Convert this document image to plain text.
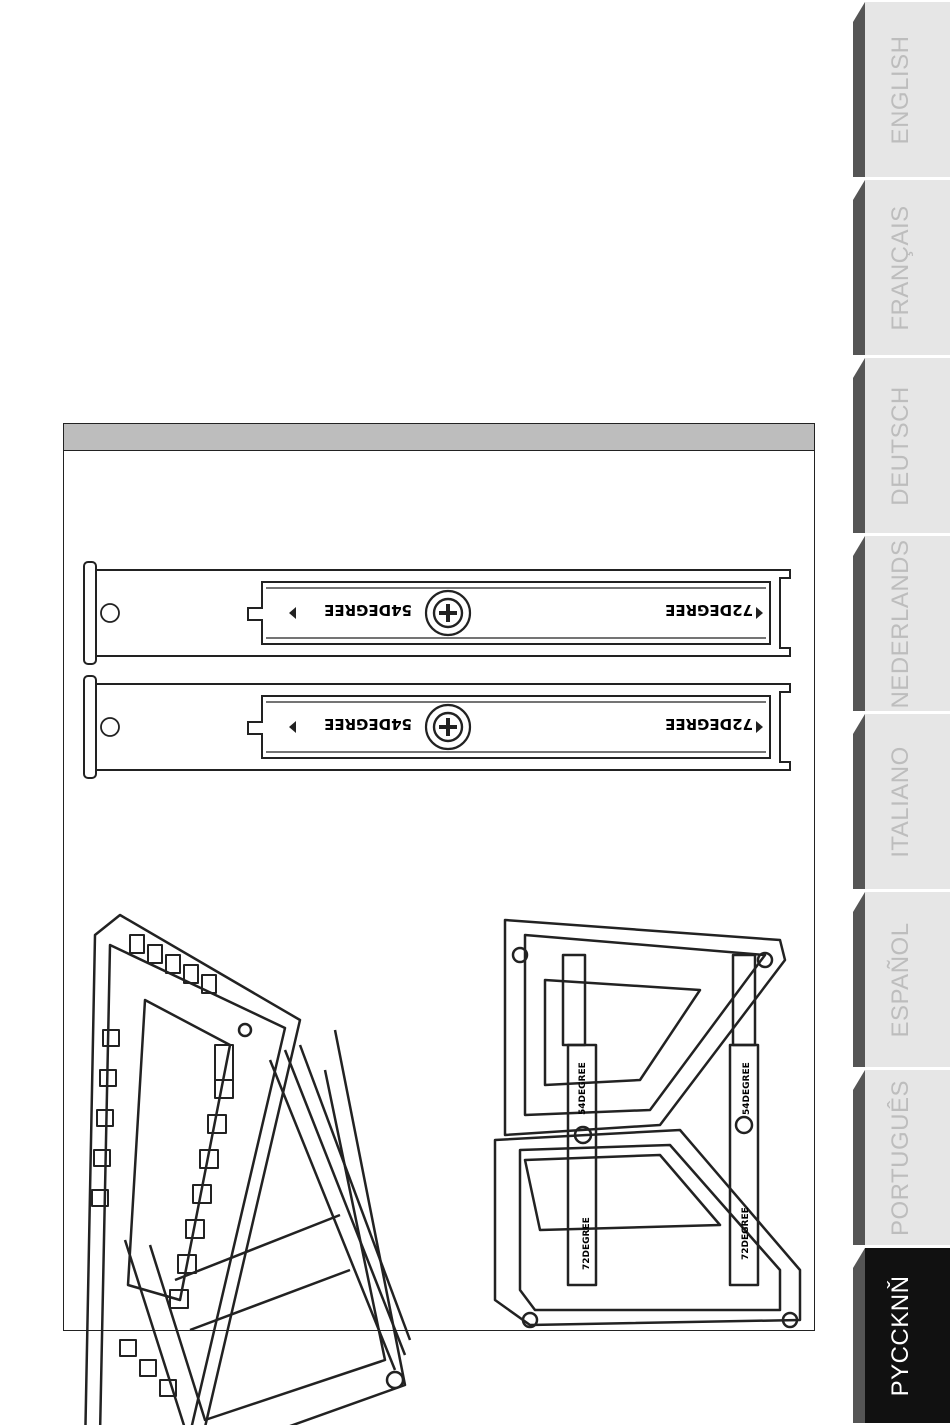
54DEGREE	72DEGREE
54DEGREE	72DEGREE
54DEGREE
72DEGREE
54DEGREE
72DEGREE
ENGLISH
FRANÇAIS
DEUTSCH
NEDERLANDS
ITALIANO
ESPAÑOL
PORTUGUÊS
PYCCKNŇ
